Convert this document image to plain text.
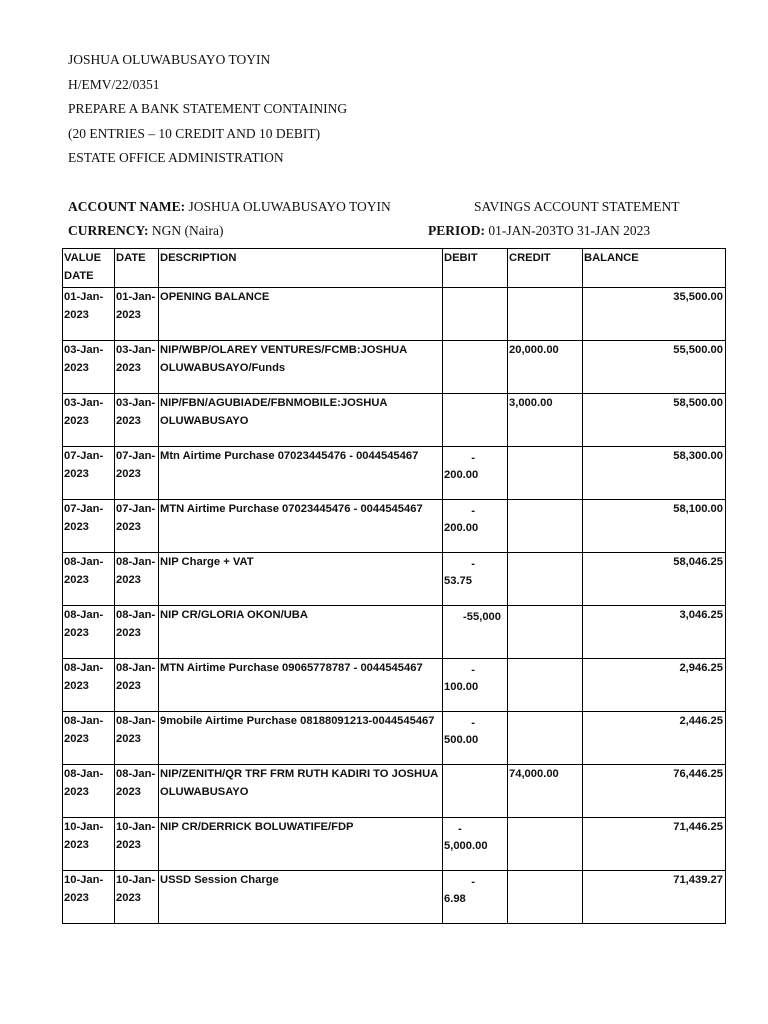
JOSHUA OLUWABUSAYO TOYIN
H/EMV/22/0351
PREPARE A BANK STATEMENT CONTAINING
(20 ENTRIES – 10 CREDIT AND 10 DEBIT)
ESTATE OFFICE ADMINISTRATION
ACCOUNT NAME: JOSHUA OLUWABUSAYO TOYIN	SAVINGS ACCOUNT STATEMENT
CURRENCY: NGN (Naira)	PERIOD: 01-JAN-203TO 31-JAN 2023
VALUE DATE	DATE	DESCRIPTION	DEBIT	CREDIT	BALANCE
01-Jan-2023	01-Jan-2023	OPENING BALANCE			35,500.00
03-Jan-2023	03-Jan-2023	NIP/WBP/OLAREY VENTURES/FCMB:JOSHUA OLUWABUSAYO/Funds		20,000.00	55,500.00
03-Jan-2023	03-Jan-2023	NIP/FBN/AGUBIADE/FBNMOBILE:JOSHUA OLUWABUSAYO		3,000.00	58,500.00
07-Jan-2023	07-Jan-2023	Mtn Airtime Purchase 07023445476 - 0044545467	-
200.00		58,300.00
07-Jan-2023	07-Jan-2023	MTN Airtime Purchase 07023445476 - 0044545467	-
200.00		58,100.00
08-Jan-2023	08-Jan-2023	NIP Charge + VAT	-
53.75		58,046.25
08-Jan-2023	08-Jan-2023	NIP CR/GLORIA OKON/UBA	-55,000		3,046.25
08-Jan-2023	08-Jan-2023	MTN Airtime Purchase 09065778787 - 0044545467	-
100.00		2,946.25
08-Jan-2023	08-Jan-2023	9mobile Airtime Purchase 08188091213-0044545467	-
500.00		2,446.25
08-Jan-2023	08-Jan-2023	NIP/ZENITH/QR TRF FRM RUTH KADIRI TO JOSHUA OLUWABUSAYO		74,000.00	76,446.25
10-Jan-2023	10-Jan-2023	NIP CR/DERRICK BOLUWATIFE/FDP	-
5,000.00		71,446.25
10-Jan-2023	10-Jan-2023	USSD Session Charge	-
6.98		71,439.27
